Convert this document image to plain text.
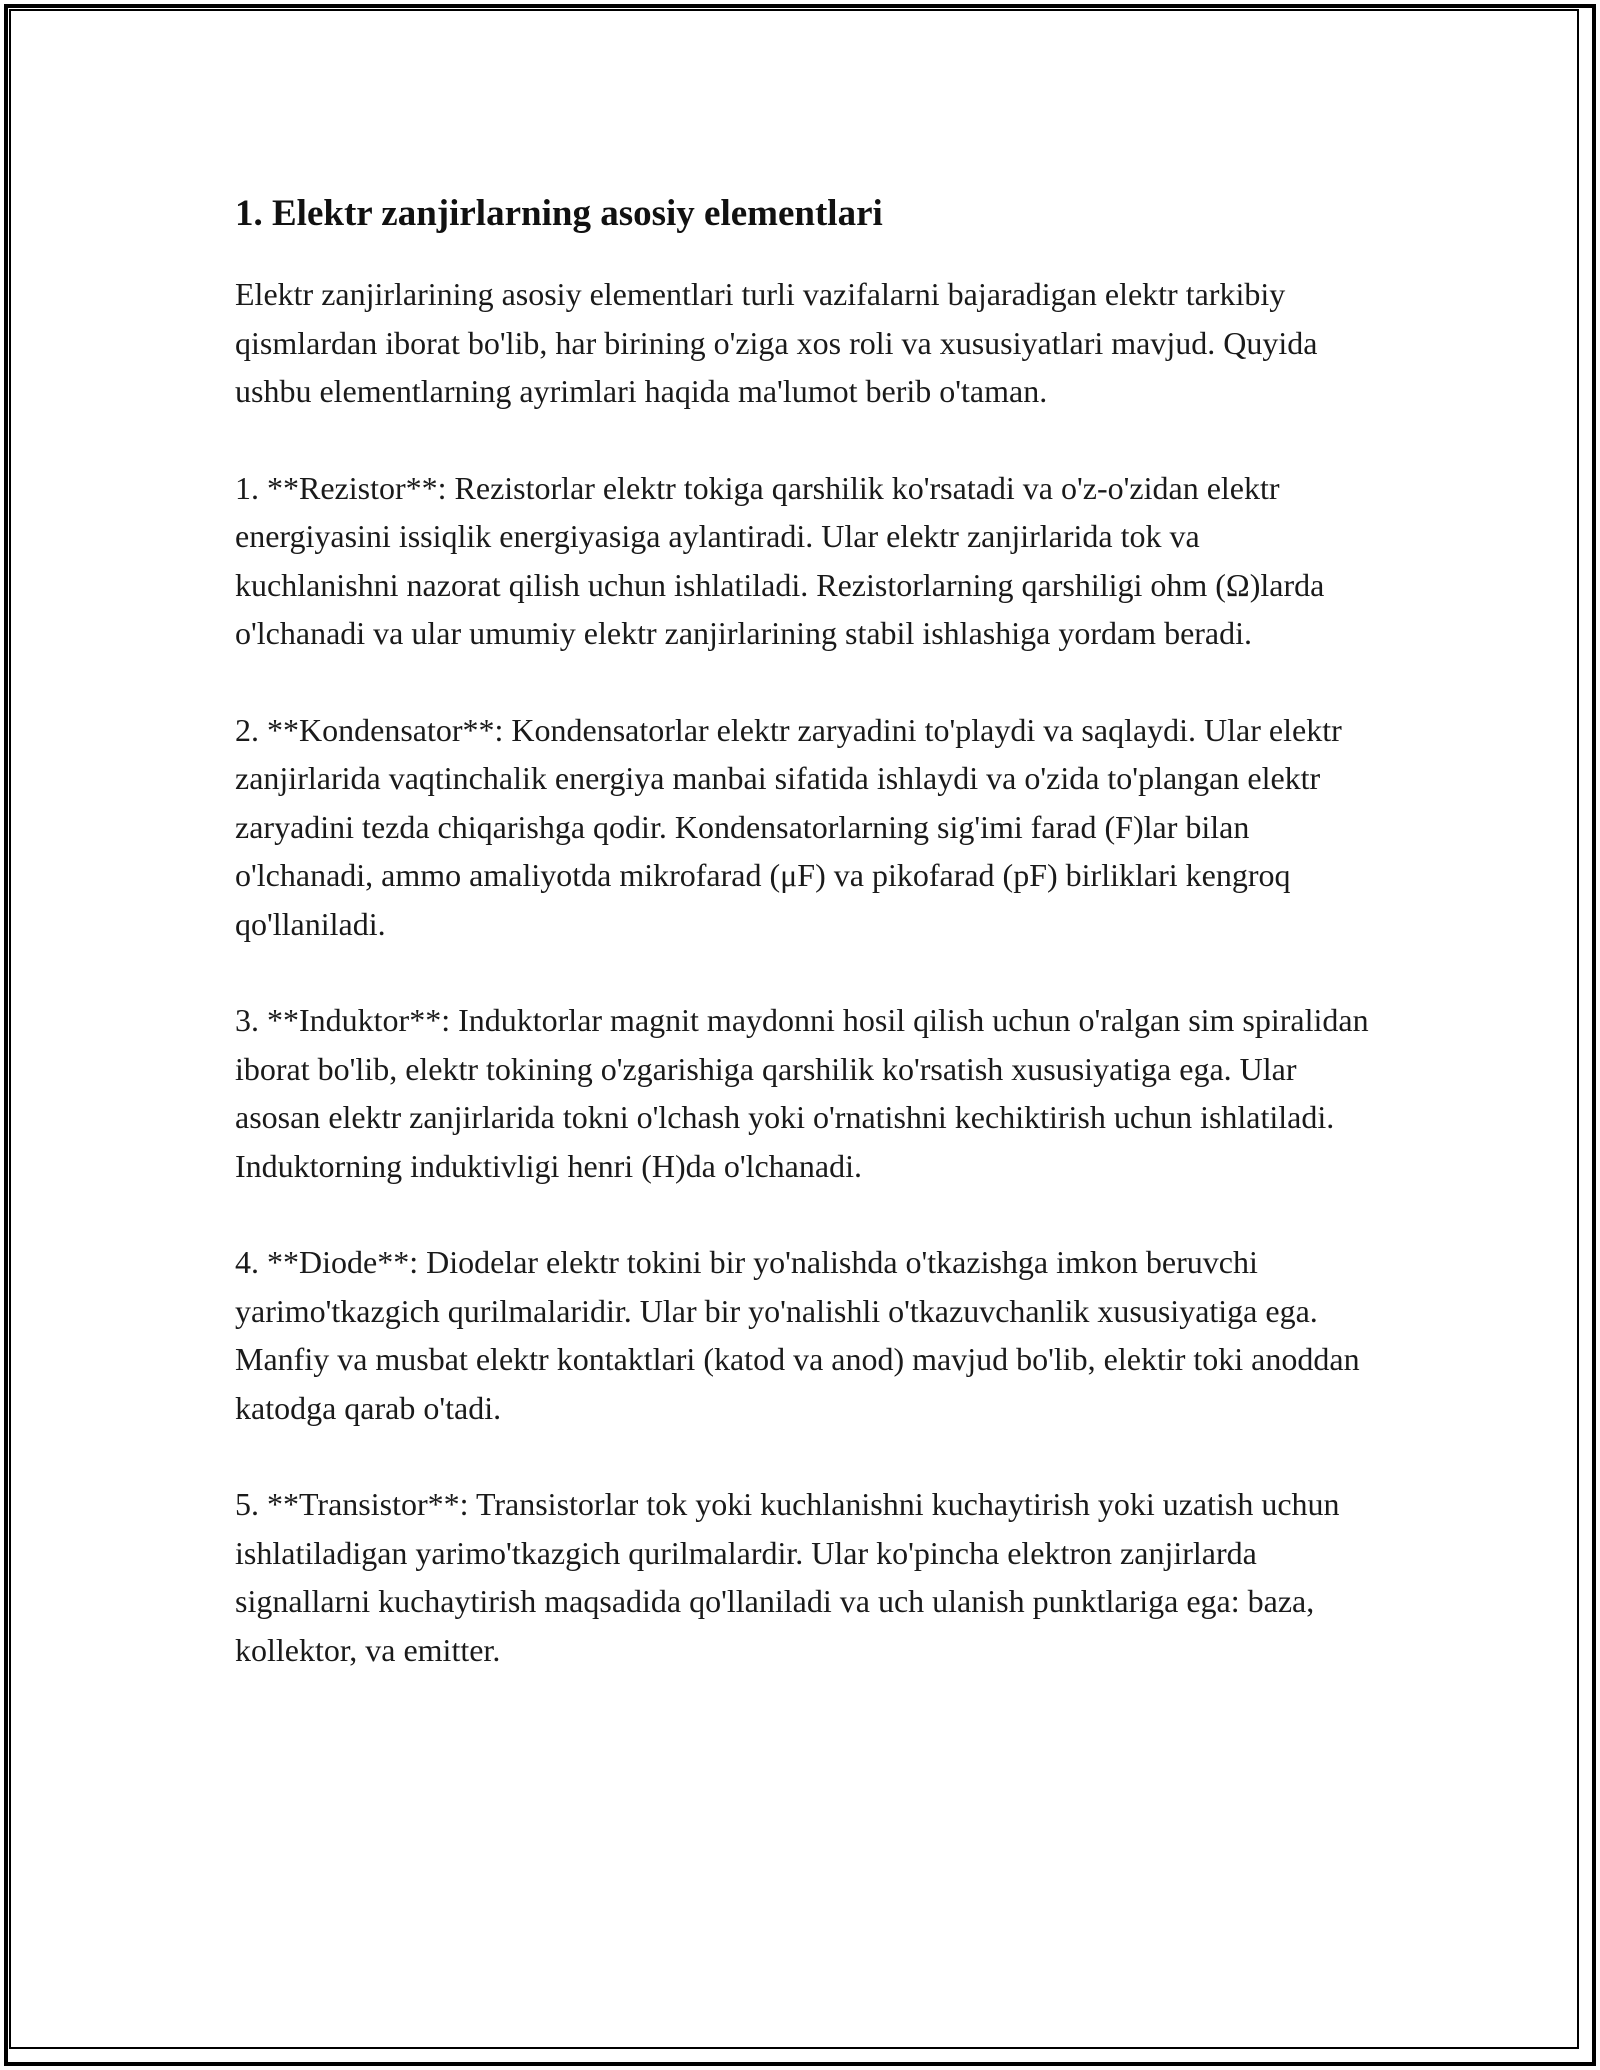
1. Elektr zanjirlarning asosiy elementlari

Elektr zanjirlarining asosiy elementlari turli vazifalarni bajaradigan elektr tarkibiy qismlardan iborat bo'lib, har birining o'ziga xos roli va xususiyatlari mavjud. Quyida ushbu elementlarning ayrimlari haqida ma'lumot berib o'taman.

1. **Rezistor**: Rezistorlar elektr tokiga qarshilik ko'rsatadi va o'z-o'zidan elektr energiyasini issiqlik energiyasiga aylantiradi. Ular elektr zanjirlarida tok va kuchlanishni nazorat qilish uchun ishlatiladi. Rezistorlarning qarshiligi ohm (Ω)larda o'lchanadi va ular umumiy elektr zanjirlarining stabil ishlashiga yordam beradi.

2. **Kondensator**: Kondensatorlar elektr zaryadini to'playdi va saqlaydi. Ular elektr zanjirlarida vaqtinchalik energiya manbai sifatida ishlaydi va o'zida to'plangan elektr zaryadini tezda chiqarishga qodir. Kondensatorlarning sig'imi farad (F)lar bilan o'lchanadi, ammo amaliyotda mikrofarad (μF) va pikofarad (pF) birliklari kengroq qo'llaniladi.

3. **Induktor**: Induktorlar magnit maydonni hosil qilish uchun o'ralgan sim spiralidan iborat bo'lib, elektr tokining o'zgarishiga qarshilik ko'rsatish xususiyatiga ega. Ular asosan elektr zanjirlarida tokni o'lchash yoki o'rnatishni kechiktirish uchun ishlatiladi. Induktorning induktivligi henri (H)da o'lchanadi.

4. **Diode**: Diodelar elektr tokini bir yo'nalishda o'tkazishga imkon beruvchi yarimo'tkazgich qurilmalaridir. Ular bir yo'nalishli o'tkazuvchanlik xususiyatiga ega. Manfiy va musbat elektr kontaktlari (katod va anod) mavjud bo'lib, elektir toki anoddan katodga qarab o'tadi.

5. **Transistor**: Transistorlar tok yoki kuchlanishni kuchaytirish yoki uzatish uchun ishlatiladigan yarimo'tkazgich qurilmalardir. Ular ko'pincha elektron zanjirlarda signallarni kuchaytirish maqsadida qo'llaniladi va uch ulanish punktlariga ega: baza, kollektor, va emitter.
